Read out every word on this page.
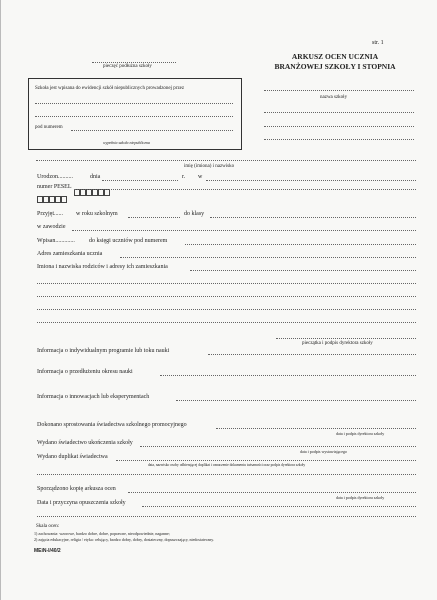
str. 1
pieczęć podłużna szkoły
ARKUSZ OCEN UCZNIA
BRANŻOWEJ SZKOŁY I STOPNIA
nazwa szkoły
Szkoła jest wpisana do ewidencji szkół niepublicznych prowadzonej przez
pod numerem
wypełnia szkoła niepubliczna
imię (imiona) i nazwisko
Urodzon..........	dnia	r. w
numer PESEL
Przyjęt...... w roku szkolnym	do klasy
w zawodzie
Wpisan............. do księgi uczniów pod numerem
Adres zamieszkania ucznia
Imiona i nazwiska rodziców i adresy ich zamieszkania
pieczątka i podpis dyrektora szkoły
Informacja o indywidualnym programie lub toku nauki
Informacja o przedłużeniu okresu nauki
Informacja o innowacjach lub eksperymentach
Dokonano sprostowania świadectwa szkolnego promocyjnego
data i podpis dyrektora szkoły
Wydano świadectwo ukończenia szkoły
data i podpis wystawiającego
Wydano duplikat świadectwa
data, nazwisko osoby odbierającej duplikat i oznaczenie dokumentu tożsamości oraz podpis dyrektora szkoły
Sporządzono kopię arkusza ocen
data i podpis dyrektora szkoły
Data i przyczyna opuszczenia szkoły
Skala ocen:
1) zachowania: wzorowe, bardzo dobre, dobre, poprawne, nieodpowiednie, naganne;
2) zajęcia edukacyjne, religia / etyka: celujący, bardzo dobry, dobry, dostateczny, dopuszczający, niedostateczny.
MEiN-I/40/2
